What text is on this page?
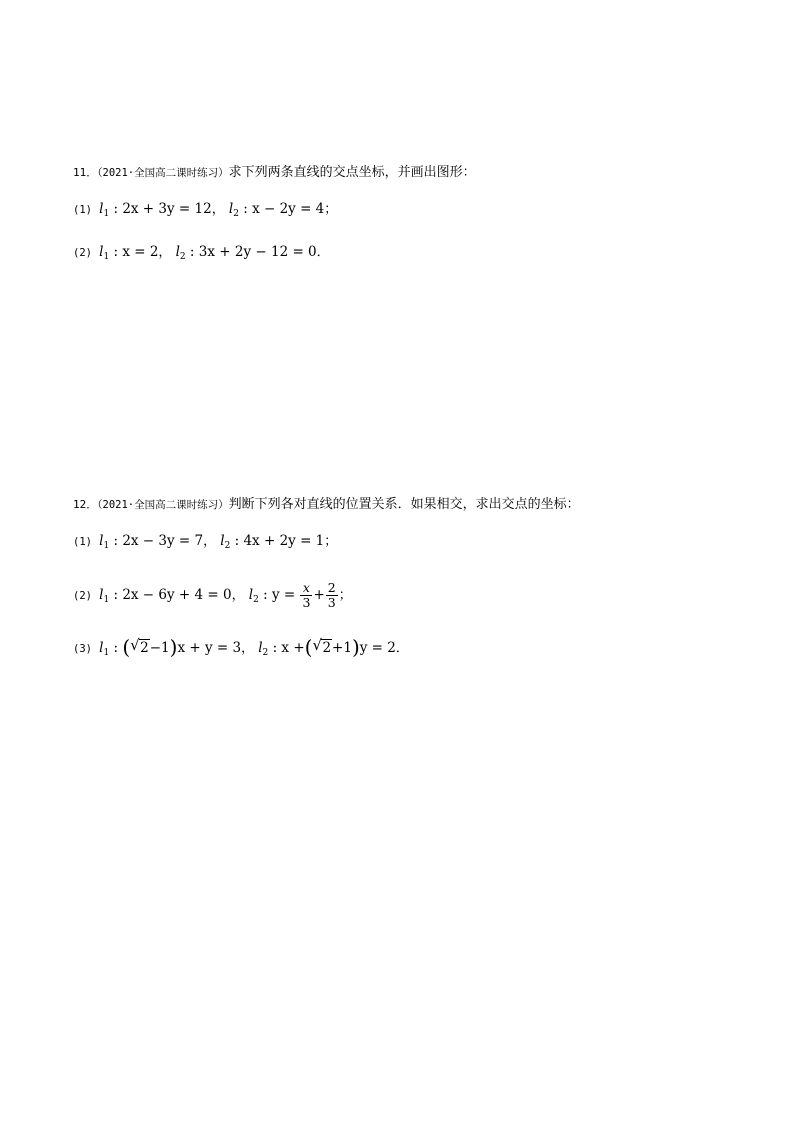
11．（2021·全国高二课时练习）求下列两条直线的交点坐标，并画出图形：
(1) $l_1$ : 2x + 3y = 12， $l_2$ : x − 2y = 4；
(2) $l_1$ : x = 2， $l_2$ : 3x + 2y − 12 = 0．
12．（2021·全国高二课时练习）判断下列各对直线的位置关系．如果相交，求出交点的坐标：
(1) $l_1$ : 2x − 3y = 7， $l_2$ : 4x + 2y = 1；
(2) $l_1$ : 2x − 6y + 4 = 0， $l_2$ : $y = \frac{x}{3} + \frac{2}{3}$ ；
(3) $l_1$ : ( √ 2−1)x + y = 3， $l_2$ : x +( √ 2+1)y = 2．
